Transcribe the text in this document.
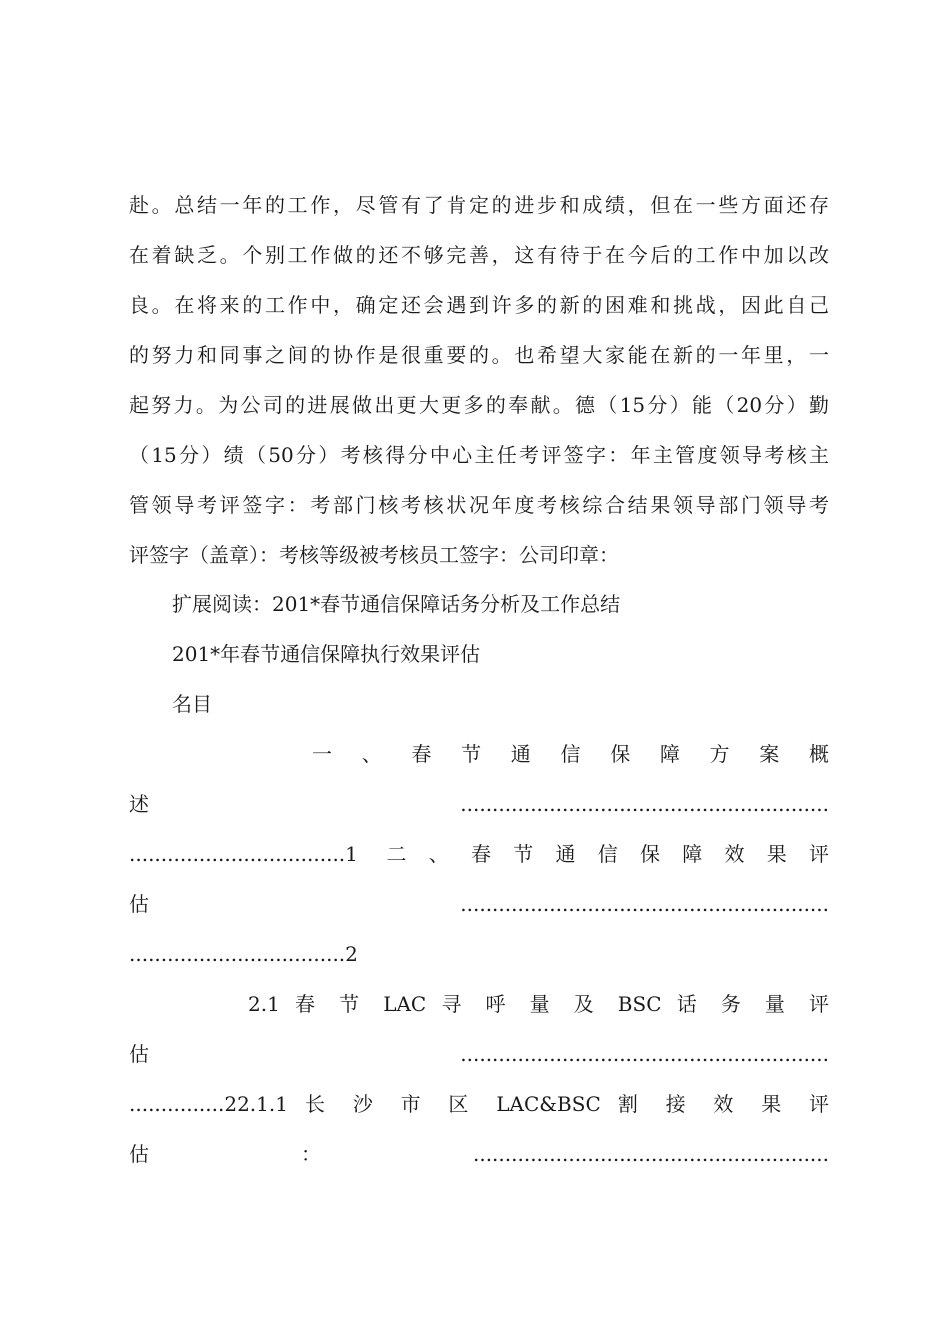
赴。总结一年的工作，尽管有了肯定的进步和成绩，但在一些方面还存
在着缺乏。个别工作做的还不够完善，这有待于在今后的工作中加以改
良。在将来的工作中，确定还会遇到许多的新的困难和挑战，因此自己
的努力和同事之间的协作是很重要的。也希望大家能在新的一年里，一
起努力。为公司的进展做出更大更多的奉献。德（15分）能（20分）勤
（15分）绩（50分）考核得分中心主任考评签字：年主管度领导考核主
管领导考评签字：考部门核考核状况年度考核综合结果领导部门领导考
评签字（盖章）：考核等级被考核员工签字：公司印章：
扩展阅读：201*春节通信保障话务分析及工作总结
201*年春节通信保障执行效果评估
名目
一 、 春 节 通 信 保 障 方 案 概
述..........................................................
..................................1 二、春节通信保障效果评
估..........................................................
..................................2
2.1 春 节 LAC 寻 呼 量 及 BSC 话 务 量 评
估..........................................................
...............22.1.1 长 沙 市 区 LAC&BSC 割 接 效 果 评
估：........................................................
